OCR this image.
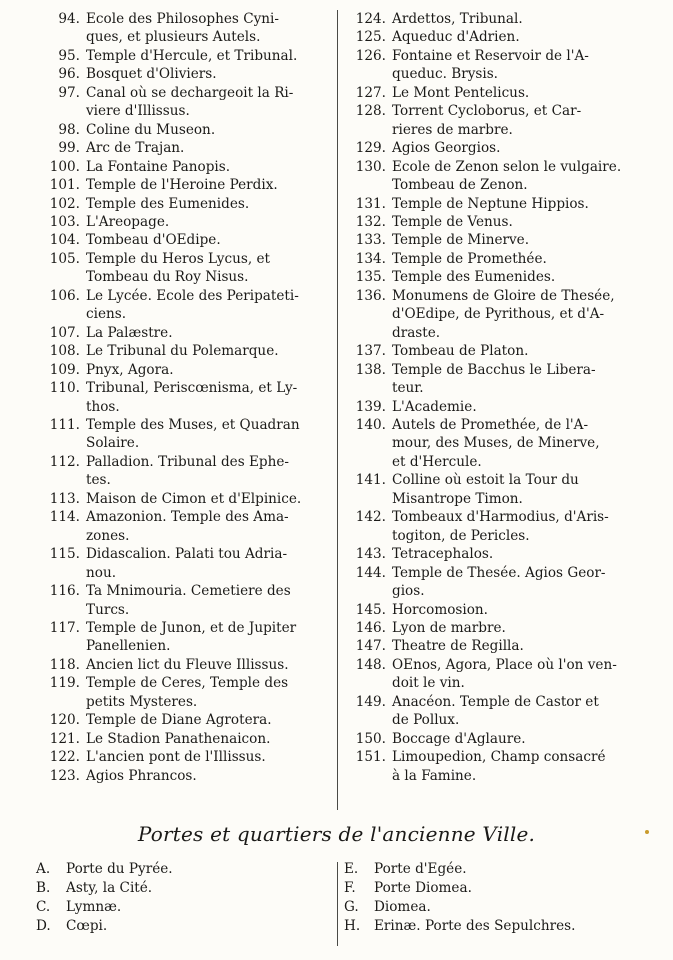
94. Ecole des Philosophes Cyni-
ques, et plusieurs Autels.
95. Temple d'Hercule, et Tribunal.
96. Bosquet d'Oliviers.
97. Canal où se dechargeoit la Ri-
viere d'Illissus.
98. Coline du Museon.
99. Arc de Trajan.
100. La Fontaine Panopis.
101. Temple de l'Heroine Perdix.
102. Temple des Eumenides.
103. L'Areopage.
104. Tombeau d'OEdipe.
105. Temple du Heros Lycus, et
Tombeau du Roy Nisus.
106. Le Lycée. Ecole des Peripateti-
ciens.
107. La Palæstre.
108. Le Tribunal du Polemarque.
109. Pnyx, Agora.
110. Tribunal, Periscœnisma, et Ly-
thos.
111. Temple des Muses, et Quadran
Solaire.
112. Palladion. Tribunal des Ephe-
tes.
113. Maison de Cimon et d'Elpinice.
114. Amazonion. Temple des Ama-
zones.
115. Didascalion. Palati tou Adria-
nou.
116. Ta Mnimouria. Cemetiere des
Turcs.
117. Temple de Junon, et de Jupiter
Panellenien.
118. Ancien lict du Fleuve Illissus.
119. Temple de Ceres, Temple des
petits Mysteres.
120. Temple de Diane Agrotera.
121. Le Stadion Panathenaicon.
122. L'ancien pont de l'Illissus.
123. Agios Phrancos.
124. Ardettos, Tribunal.
125. Aqueduc d'Adrien.
126. Fontaine et Reservoir de l'A-
queduc. Brysis.
127. Le Mont Pentelicus.
128. Torrent Cycloborus, et Car-
rieres de marbre.
129. Agios Georgios.
130. Ecole de Zenon selon le vulgaire.
Tombeau de Zenon.
131. Temple de Neptune Hippios.
132. Temple de Venus.
133. Temple de Minerve.
134. Temple de Promethée.
135. Temple des Eumenides.
136. Monumens de Gloire de Thesée,
d'OEdipe, de Pyrithous, et d'A-
draste.
137. Tombeau de Platon.
138. Temple de Bacchus le Libera-
teur.
139. L'Academie.
140. Autels de Promethée, de l'A-
mour, des Muses, de Minerve,
et d'Hercule.
141. Colline où estoit la Tour du
Misantrope Timon.
142. Tombeaux d'Harmodius, d'Aris-
togiton, de Pericles.
143. Tetracephalos.
144. Temple de Thesée. Agios Geor-
gios.
145. Horcomosion.
146. Lyon de marbre.
147. Theatre de Regilla.
148. OEnos, Agora, Place où l'on ven-
doit le vin.
149. Anacéon. Temple de Castor et
de Pollux.
150. Boccage d'Aglaure.
151. Limoupedion, Champ consacré
à la Famine.
Portes et quartiers de l'ancienne Ville.
A.	Porte du Pyrée.
B.	Asty, la Cité.
C.	Lymnæ.
D.	Cœpi.
E.	Porte d'Egée.
F.	Porte Diomea.
G.	Diomea.
H.	Erinæ. Porte des Sepulchres.
